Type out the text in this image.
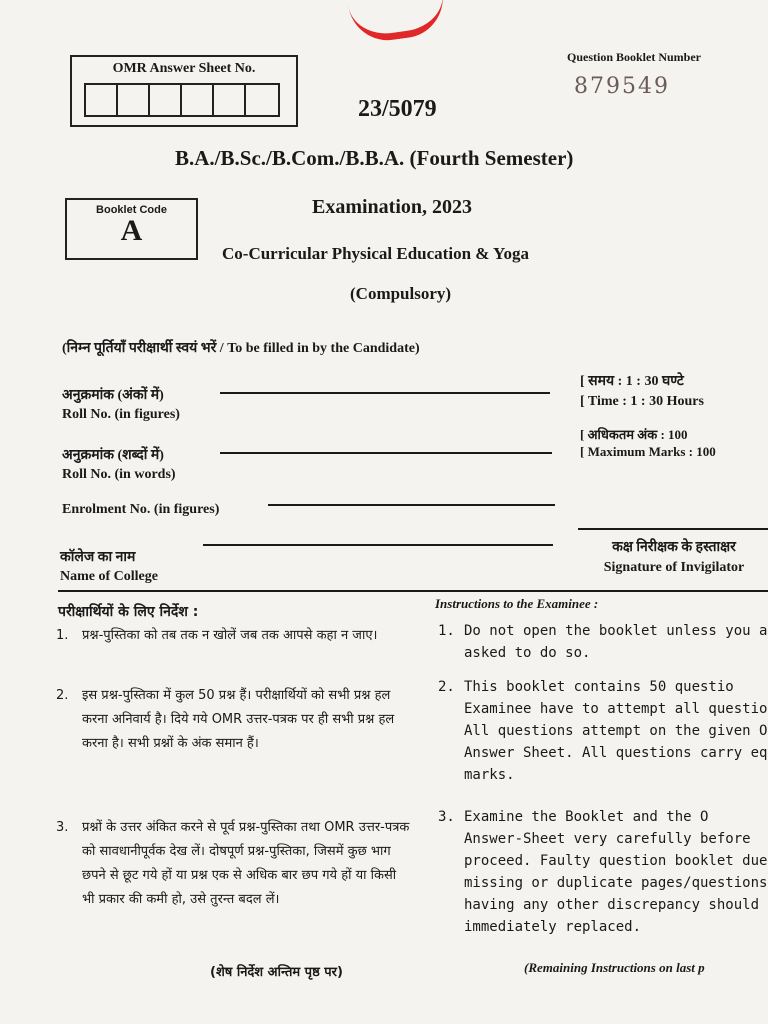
OMR Answer Sheet No.
Question Booklet Number
879549
23/5079
B.A./B.Sc./B.Com./B.B.A. (Fourth Semester)
Booklet Code
A
Examination, 2023
Co-Curricular Physical Education & Yoga
(Compulsory)
(निम्न पूर्तियाँ परीक्षार्थी स्वयं भरें / To be filled in by the Candidate)
अनुक्रमांक (अंकों में)
Roll No. (in figures)
अनुक्रमांक (शब्दों में)
Roll No. (in words)
Enrolment No. (in figures)
कॉलेज का नाम
Name of College
[ समय : 1 : 30 घण्टे
[ Time : 1 : 30 Hours
[ अधिकतम अंक : 100
[ Maximum Marks : 100
कक्ष निरीक्षक के हस्ताक्षर
Signature of Invigilator
परीक्षार्थियों के लिए निर्देश :
Instructions to the Examinee :
1.	प्रश्न-पुस्तिका को तब तक न खोलें जब तक आपसे कहा न जाए।
2.	इस प्रश्न-पुस्तिका में कुल 50 प्रश्न हैं। परीक्षार्थियों को सभी प्रश्न हल करना अनिवार्य है। दिये गये OMR उत्तर-पत्रक पर ही सभी प्रश्न हल करना है। सभी प्रश्नों के अंक समान हैं।
3.	प्रश्नों के उत्तर अंकित करने से पूर्व प्रश्न-पुस्तिका तथा OMR उत्तर-पत्रक को सावधानीपूर्वक देख लें। दोषपूर्ण प्रश्न-पुस्तिका, जिसमें कुछ भाग छपने से छूट गये हों या प्रश्न एक से अधिक बार छप गये हों या किसी भी प्रकार की कमी हो, उसे तुरन्त बदल लें।
1. Do not open the booklet unless you a
asked to do so.
2. This booklet contains 50 questio
Examinee have to attempt all questio
All questions attempt on the given O
Answer Sheet. All questions carry eq
marks.
3. Examine the Booklet and the O
Answer-Sheet very carefully before
proceed. Faulty question booklet due
missing or duplicate pages/questions
having any other discrepancy should
immediately replaced.
(शेष निर्देश अन्तिम पृष्ठ पर)	(Remaining Instructions on last p
